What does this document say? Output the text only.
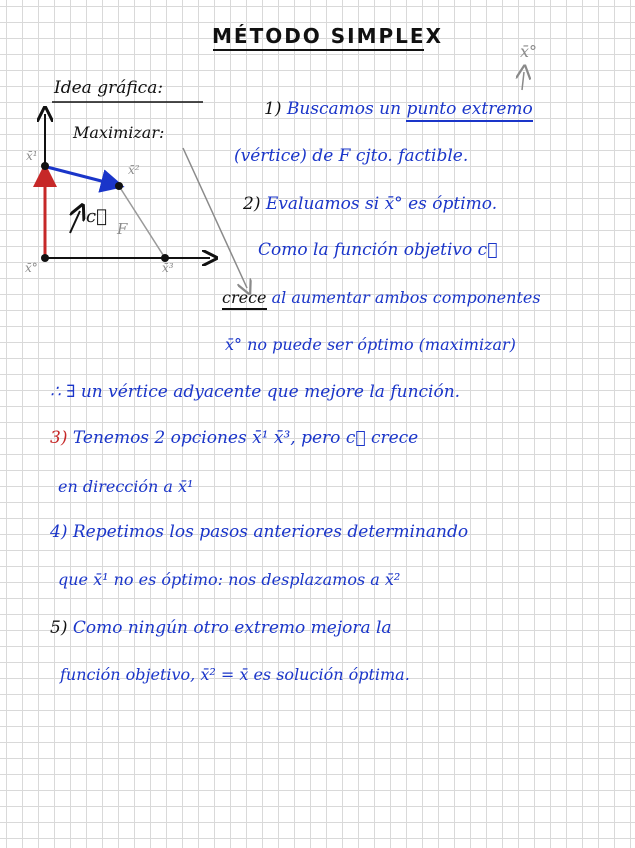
MÉTODO SIMPLEX
x̄°
Idea gráfica:
Maximizar:
x̄¹
x̄²
x̄°	x̄³
c⃗
F
1) Buscamos un punto extremo
(vértice) de F cjto. factible.
2) Evaluamos si x̄° es óptimo.
Como la función objetivo c⃗
crece al aumentar ambos componentes
x̄° no puede ser óptimo (maximizar)
∴ ∃ un vértice adyacente que mejore la función.
3) Tenemos 2 opciones x̄¹ x̄³, pero c⃗ crece
en dirección a x̄¹
4) Repetimos los pasos anteriores determinando
que x̄¹ no es óptimo: nos desplazamos a x̄²
5) Como ningún otro extremo mejora la
función objetivo, x̄² = x̄ es solución óptima.
